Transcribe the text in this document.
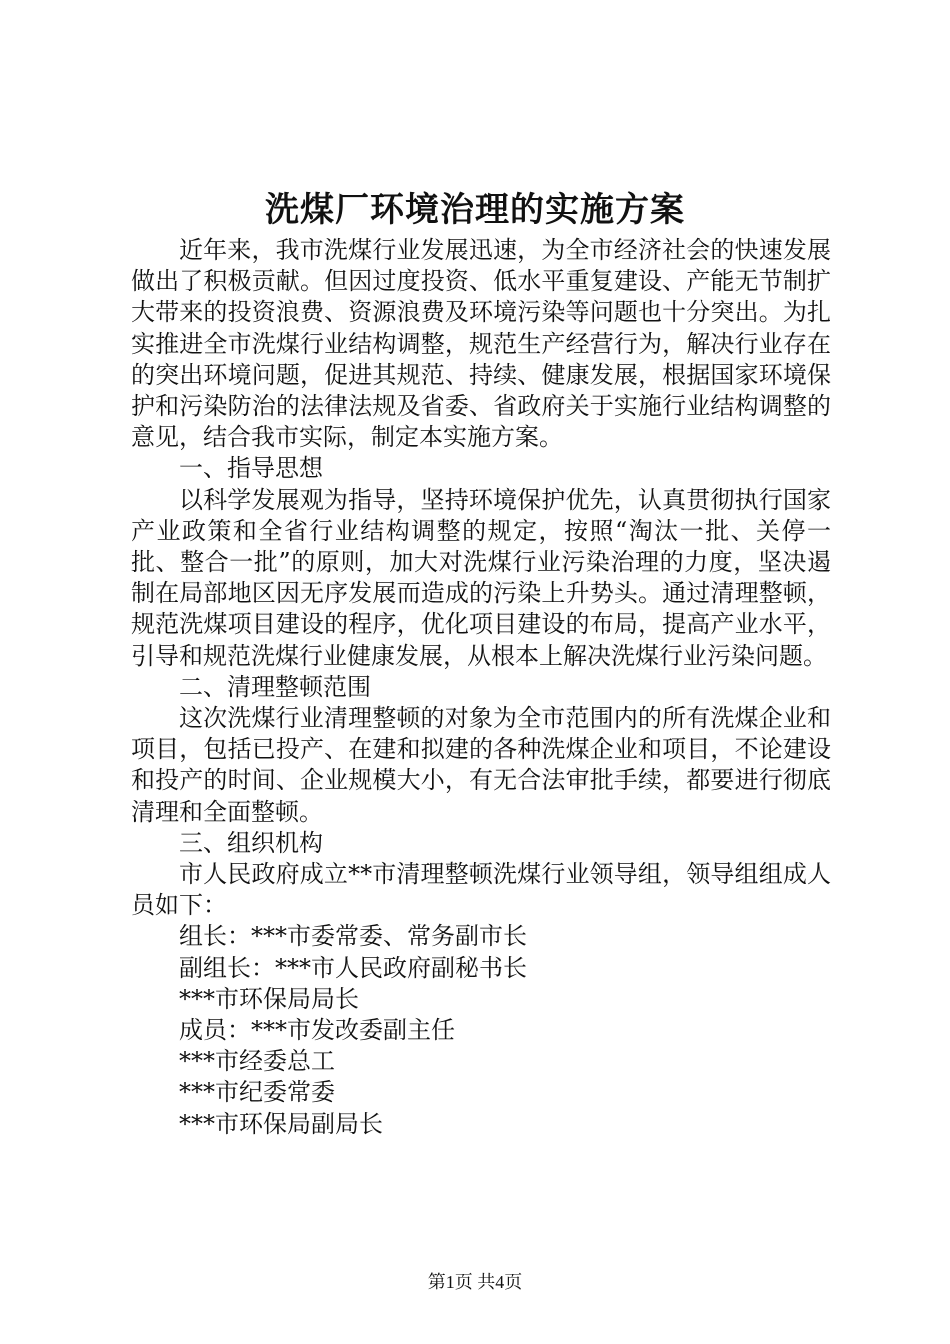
洗煤厂环境治理的实施方案

近年来，我市洗煤行业发展迅速，为全市经济社会的快速发展做出了积极贡献。但因过度投资、低水平重复建设、产能无节制扩大带来的投资浪费、资源浪费及环境污染等问题也十分突出。为扎实推进全市洗煤行业结构调整，规范生产经营行为，解决行业存在的突出环境问题，促进其规范、持续、健康发展，根据国家环境保护和污染防治的法律法规及省委、省政府关于实施行业结构调整的意见，结合我市实际，制定本实施方案。

一、指导思想

以科学发展观为指导，坚持环境保护优先，认真贯彻执行国家产业政策和全省行业结构调整的规定，按照“淘汰一批、关停一批、整合一批”的原则，加大对洗煤行业污染治理的力度，坚决遏制在局部地区因无序发展而造成的污染上升势头。通过清理整顿，规范洗煤项目建设的程序，优化项目建设的布局，提高产业水平，引导和规范洗煤行业健康发展，从根本上解决洗煤行业污染问题。

二、清理整顿范围

这次洗煤行业清理整顿的对象为全市范围内的所有洗煤企业和项目，包括已投产、在建和拟建的各种洗煤企业和项目，不论建设和投产的时间、企业规模大小，有无合法审批手续，都要进行彻底清理和全面整顿。

三、组织机构

市人民政府成立**市清理整顿洗煤行业领导组，领导组组成人员如下：

组长：***市委常委、常务副市长

副组长：***市人民政府副秘书长

***市环保局局长

成员：***市发改委副主任

***市经委总工

***市纪委常委

***市环保局副局长

第1页 共4页
